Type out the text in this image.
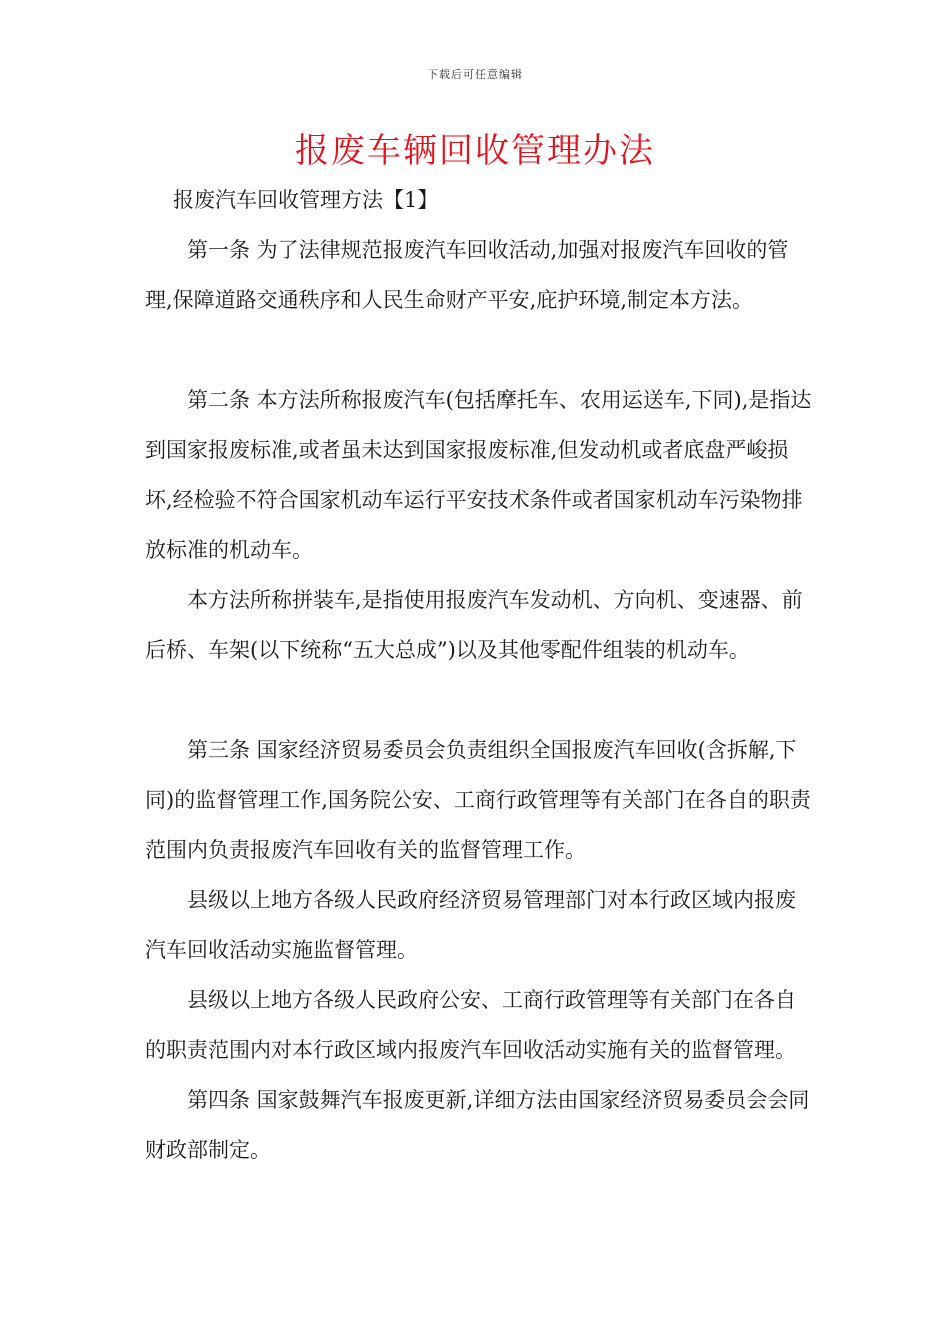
下载后可任意编辑
报废车辆回收管理办法

报废汽车回收管理方法【1】

第一条 为了法律规范报废汽车回收活动,加强对报废汽车回收的管理,保障道路交通秩序和人民生命财产平安,庇护环境,制定本方法。

第二条 本方法所称报废汽车(包括摩托车、农用运送车,下同),是指达到国家报废标准,或者虽未达到国家报废标准,但发动机或者底盘严峻损坏,经检验不符合国家机动车运行平安技术条件或者国家机动车污染物排放标准的机动车。

本方法所称拼装车,是指使用报废汽车发动机、方向机、变速器、前后桥、车架(以下统称“五大总成”)以及其他零配件组装的机动车。

第三条 国家经济贸易委员会负责组织全国报废汽车回收(含拆解,下同)的监督管理工作,国务院公安、工商行政管理等有关部门在各自的职责范围内负责报废汽车回收有关的监督管理工作。

县级以上地方各级人民政府经济贸易管理部门对本行政区域内报废汽车回收活动实施监督管理。

县级以上地方各级人民政府公安、工商行政管理等有关部门在各自的职责范围内对本行政区域内报废汽车回收活动实施有关的监督管理。

第四条 国家鼓舞汽车报废更新,详细方法由国家经济贸易委员会会同财政部制定。
